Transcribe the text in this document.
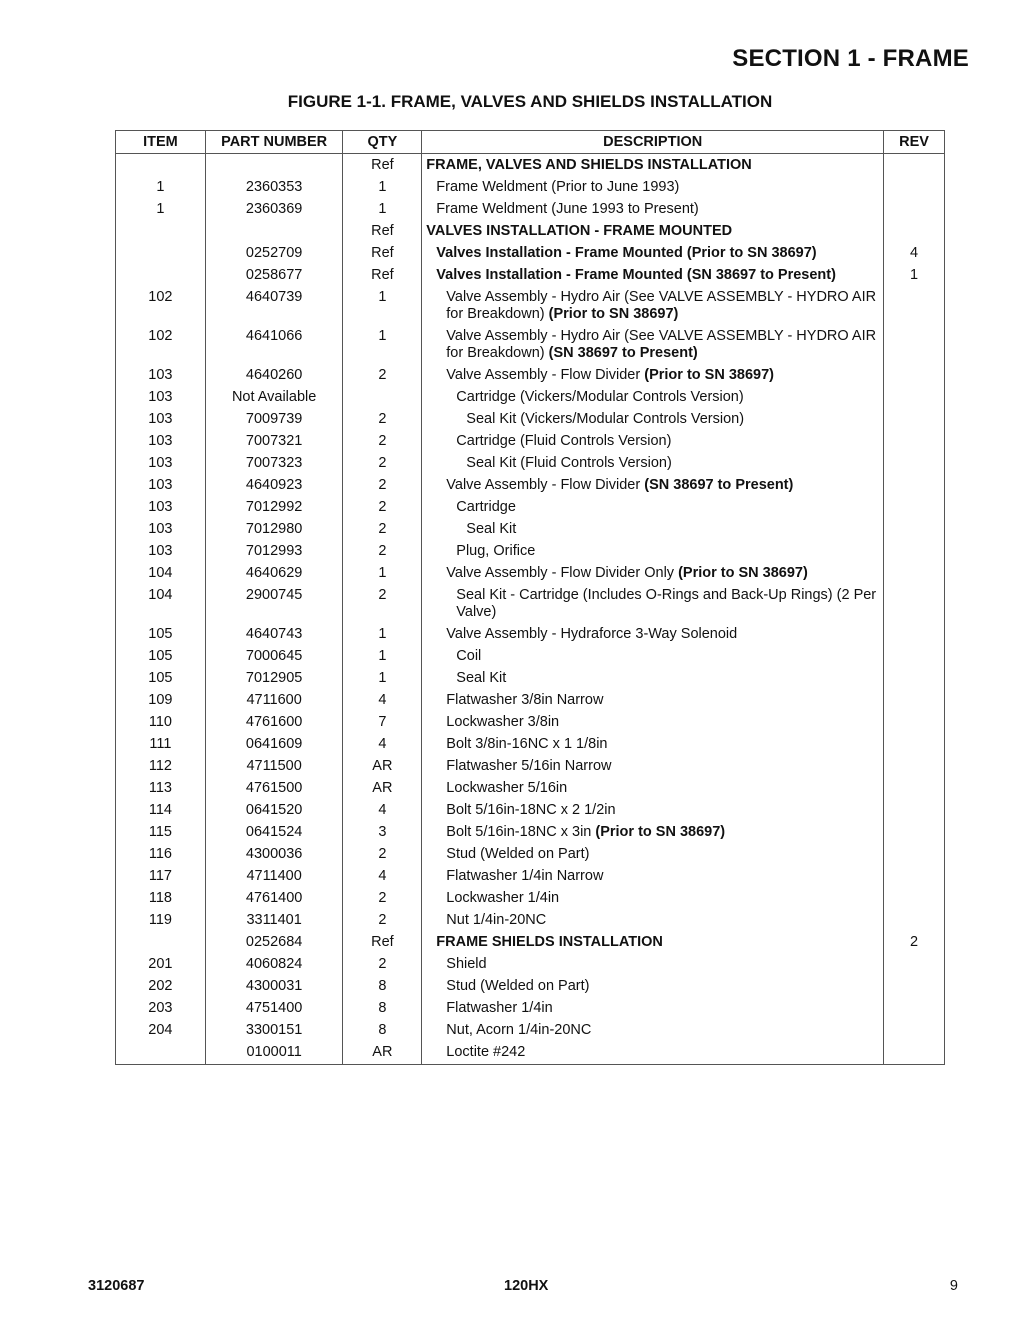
SECTION 1 - FRAME
FIGURE 1-1. FRAME, VALVES AND SHIELDS INSTALLATION
ITEM	PART NUMBER	QTY	DESCRIPTION	REV
		Ref	FRAME, VALVES AND SHIELDS INSTALLATION	
1	2360353	1	Frame Weldment (Prior to June 1993)	
1	2360369	1	Frame Weldment (June 1993 to Present)	
		Ref	VALVES INSTALLATION - FRAME MOUNTED	
	0252709	Ref	Valves Installation - Frame Mounted (Prior to SN 38697)	4
	0258677	Ref	Valves Installation - Frame Mounted (SN 38697 to Present)	1
102	4640739	1	Valve Assembly - Hydro Air (See VALVE ASSEMBLY - HYDRO AIR for Breakdown) (Prior to SN 38697)	
102	4641066	1	Valve Assembly - Hydro Air (See VALVE ASSEMBLY - HYDRO AIR for Breakdown) (SN 38697 to Present)	
103	4640260	2	Valve Assembly - Flow Divider (Prior to SN 38697)	
103	Not Available		Cartridge (Vickers/Modular Controls Version)	
103	7009739	2	Seal Kit (Vickers/Modular Controls Version)	
103	7007321	2	Cartridge (Fluid Controls Version)	
103	7007323	2	Seal Kit (Fluid Controls Version)	
103	4640923	2	Valve Assembly - Flow Divider (SN 38697 to Present)	
103	7012992	2	Cartridge	
103	7012980	2	Seal Kit	
103	7012993	2	Plug, Orifice	
104	4640629	1	Valve Assembly - Flow Divider Only (Prior to SN 38697)	
104	2900745	2	Seal Kit - Cartridge (Includes O-Rings and Back-Up Rings) (2 Per Valve)	
105	4640743	1	Valve Assembly - Hydraforce 3-Way Solenoid	
105	7000645	1	Coil	
105	7012905	1	Seal Kit	
109	4711600	4	Flatwasher 3/8in Narrow	
110	4761600	7	Lockwasher 3/8in	
111	0641609	4	Bolt 3/8in-16NC x 1 1/8in	
112	4711500	AR	Flatwasher 5/16in Narrow	
113	4761500	AR	Lockwasher 5/16in	
114	0641520	4	Bolt 5/16in-18NC x 2 1/2in	
115	0641524	3	Bolt 5/16in-18NC x 3in (Prior to SN 38697)	
116	4300036	2	Stud (Welded on Part)	
117	4711400	4	Flatwasher 1/4in Narrow	
118	4761400	2	Lockwasher 1/4in	
119	3311401	2	Nut 1/4in-20NC	
	0252684	Ref	FRAME SHIELDS INSTALLATION	2
201	4060824	2	Shield	
202	4300031	8	Stud (Welded on Part)	
203	4751400	8	Flatwasher 1/4in	
204	3300151	8	Nut, Acorn 1/4in-20NC	
	0100011	AR	Loctite #242	
3120687	120HX	9
